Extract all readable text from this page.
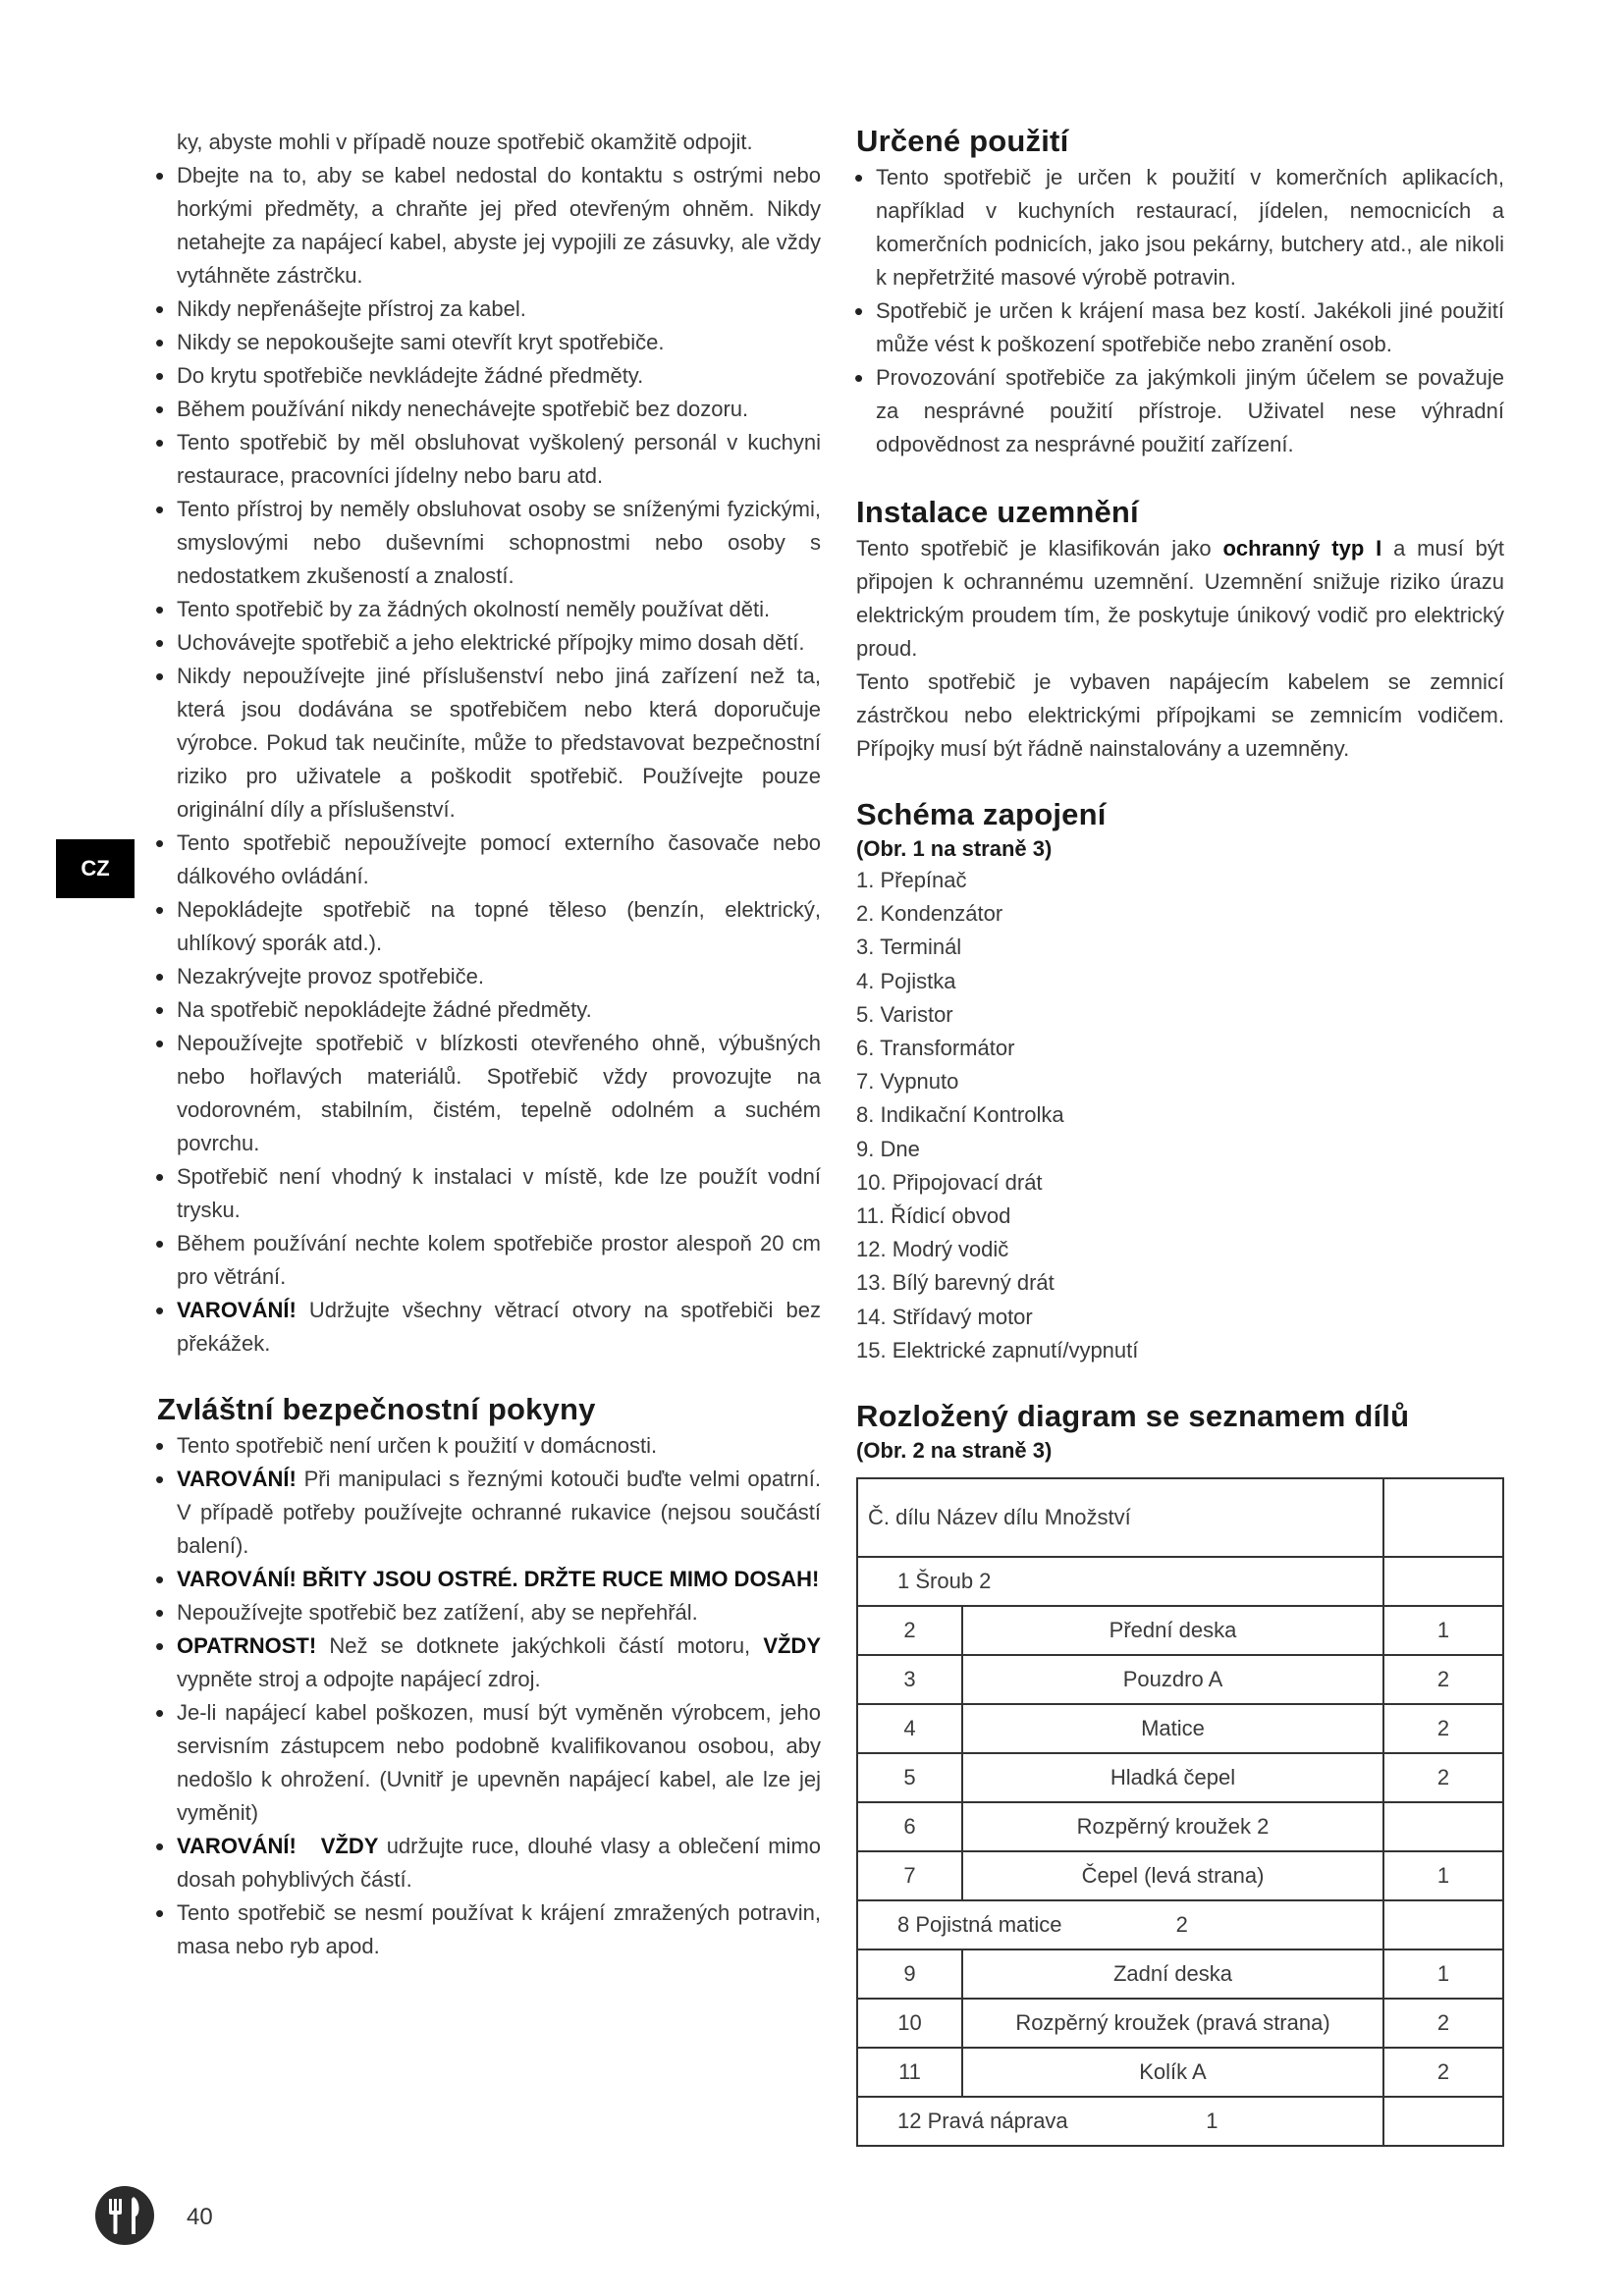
ky, abyste mohli v případě nouze spotřebič okamžitě odpojit.

• Dbejte na to, aby se kabel nedostal do kontaktu s ostrými nebo horkými předměty, a chraňte jej před otevřeným ohněm. Nikdy netahejte za napájecí kabel, abyste jej vypojili ze zásuvky, ale vždy vytáhněte zástrčku.
• Nikdy nepřenášejte přístroj za kabel.
• Nikdy se nepokoušejte sami otevřít kryt spotřebiče.
• Do krytu spotřebiče nevkládejte žádné předměty.
• Během používání nikdy nenechávejte spotřebič bez dozoru.
• Tento spotřebič by měl obsluhovat vyškolený personál v kuchyni restaurace, pracovníci jídelny nebo baru atd.
• Tento přístroj by neměly obsluhovat osoby se sníženými fyzickými, smyslovými nebo duševními schopnostmi nebo osoby s nedostatkem zkušeností a znalostí.
• Tento spotřebič by za žádných okolností neměly používat děti.
• Uchovávejte spotřebič a jeho elektrické přípojky mimo dosah dětí.
• Nikdy nepoužívejte jiné příslušenství nebo jiná zařízení než ta, která jsou dodávána se spotřebičem nebo která doporučuje výrobce. Pokud tak neučiníte, může to představovat bezpečnostní riziko pro uživatele a poškodit spotřebič. Používejte pouze originální díly a příslušenství.
• Tento spotřebič nepoužívejte pomocí externího časovače nebo dálkového ovládání.
• Nepokládejte spotřebič na topné těleso (benzín, elektrický, uhlíkový sporák atd.).
• Nezakrývejte provoz spotřebiče.
• Na spotřebič nepokládejte žádné předměty.
• Nepoužívejte spotřebič v blízkosti otevřeného ohně, výbušných nebo hořlavých materiálů. Spotřebič vždy provozujte na vodorovném, stabilním, čistém, tepelně odolném a suchém povrchu.
• Spotřebič není vhodný k instalaci v místě, kde lze použít vodní trysku.
• Během používání nechte kolem spotřebiče prostor alespoň 20 cm pro větrání.
• VAROVÁNÍ! Udržujte všechny větrací otvory na spotřebiči bez překážek.
Zvláštní bezpečnostní pokyny
• Tento spotřebič není určen k použití v domácnosti.
• VAROVÁNÍ! Při manipulaci s řeznými kotouči buďte velmi opatrní. V případě potřeby používejte ochranné rukavice (nejsou součástí balení).
• VAROVÁNÍ! BŘITY JSOU OSTRÉ. DRŽTE RUCE MIMO DOSAH!
• Nepoužívejte spotřebič bez zatížení, aby se nepřehřál.
• OPATRNOST! Než se dotknete jakýchkoli částí motoru, VŽDY vypněte stroj a odpojte napájecí zdroj.
• Je-li napájecí kabel poškozen, musí být vyměněn výrobcem, jeho servisním zástupcem nebo podobně kvalifikovanou osobou, aby nedošlo k ohrožení. (Uvnitř je upevněn napájecí kabel, ale lze jej vyměnit)
• VAROVÁNÍ! VŽDY udržujte ruce, dlouhé vlasy a oblečení mimo dosah pohyblivých částí.
• Tento spotřebič se nesmí používat k krájení zmražených potravin, masa nebo ryb apod.
Určené použití
• Tento spotřebič je určen k použití v komerčních aplikacích, například v kuchyních restaurací, jídelen, nemocnicích a komerčních podnicích, jako jsou pekárny, butchery atd., ale nikoli k nepřetržité masové výrobě potravin.
• Spotřebič je určen k krájení masa bez kostí. Jakékoli jiné použití může vést k poškození spotřebiče nebo zranění osob.
• Provozování spotřebiče za jakýmkoli jiným účelem se považuje za nesprávné použití přístroje. Uživatel nese výhradní odpovědnost za nesprávné použití zařízení.
Instalace uzemnění

Tento spotřebič je klasifikován jako ochranný typ I a musí být připojen k ochrannému uzemnění. Uzemnění snižuje riziko úrazu elektrickým proudem tím, že poskytuje únikový vodič pro elektrický proud.

Tento spotřebič je vybaven napájecím kabelem se zemnicí zástrčkou nebo elektrickými přípojkami se zemnicím vodičem. Přípojky musí být řádně nainstalovány a uzemněny.

Schéma zapojení

(Obr. 1 na straně 3)

1. Přepínač
2. Kondenzátor
3. Terminál
4. Pojistka
5. Varistor
6. Transformátor
7. Vypnuto
8. Indikační Kontrolka
9. Dne
10. Připojovací drát
11. Řídicí obvod
12. Modrý vodič
13. Bílý barevný drát
14. Střídavý motor
15. Elektrické zapnutí/vypnutí
Rozložený diagram se seznamem dílů

(Obr. 2 na straně 3)

Č. dílu Název dílu Množství		
1 Šroub 2		
2	Přední deska	1
3	Pouzdro A	2
4	Matice	2
5	Hladká čepel	2
6	Rozpěrný kroužek 2	
7	Čepel (levá strana)	1
8 Pojistná matice                   2		
9	Zadní deska	1
10	Rozpěrný kroužek (pravá strana)	2
11	Kolík A	2
12 Pravá náprava                       1		
CZ
40
